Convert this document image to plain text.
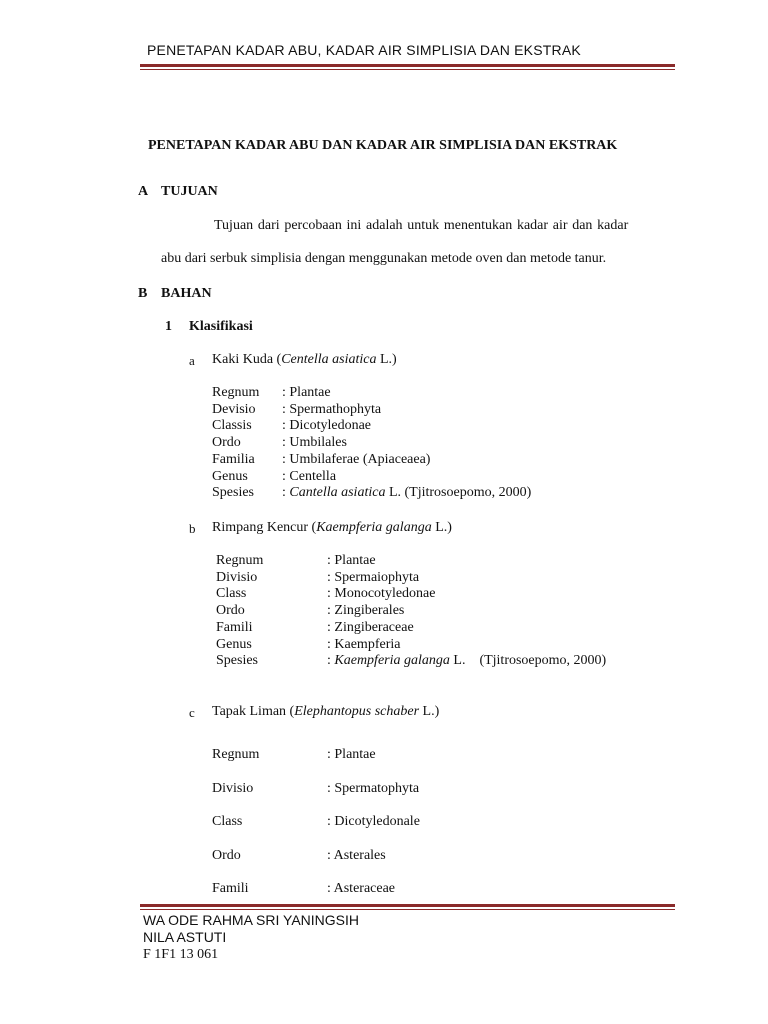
PENETAPAN KADAR ABU, KADAR AIR SIMPLISIA DAN EKSTRAK
PENETAPAN KADAR ABU DAN KADAR AIR SIMPLISIA DAN EKSTRAK
A TUJUAN
Tujuan dari percobaan ini adalah untuk menentukan kadar air dan kadar
abu dari serbuk simplisia dengan menggunakan metode oven dan metode tanur.
B BAHAN
1 Klasifikasi
a Kaki Kuda (Centella asiatica L.)
Regnum : Plantae
Devisio : Spermathophyta
Classis : Dicotyledonae
Ordo	: Umbilales
Familia : Umbilaferae (Apiaceaea)
Genus : Centella
Spesies : Cantella asiatica L. (Tjitrosoepomo, 2000)
b Rimpang Kencur (Kaempferia galanga L.)
Regnum	: Plantae
Divisio	: Spermaiophyta
Class	: Monocotyledonae
Ordo	: Zingiberales
Famili	: Zingiberaceae
Genus	: Kaempferia
Spesies	: Kaempferia galanga L.    (Tjitrosoepomo, 2000)
c Tapak Liman (Elephantopus schaber L.)
Regnum	: Plantae
Divisio	: Spermatophyta
Class	: Dicotyledonale
Ordo	: Asterales
Famili	: Asteraceae
WA ODE RAHMA SRI YANINGSIH
NILA ASTUTI
F 1F1 13 061
